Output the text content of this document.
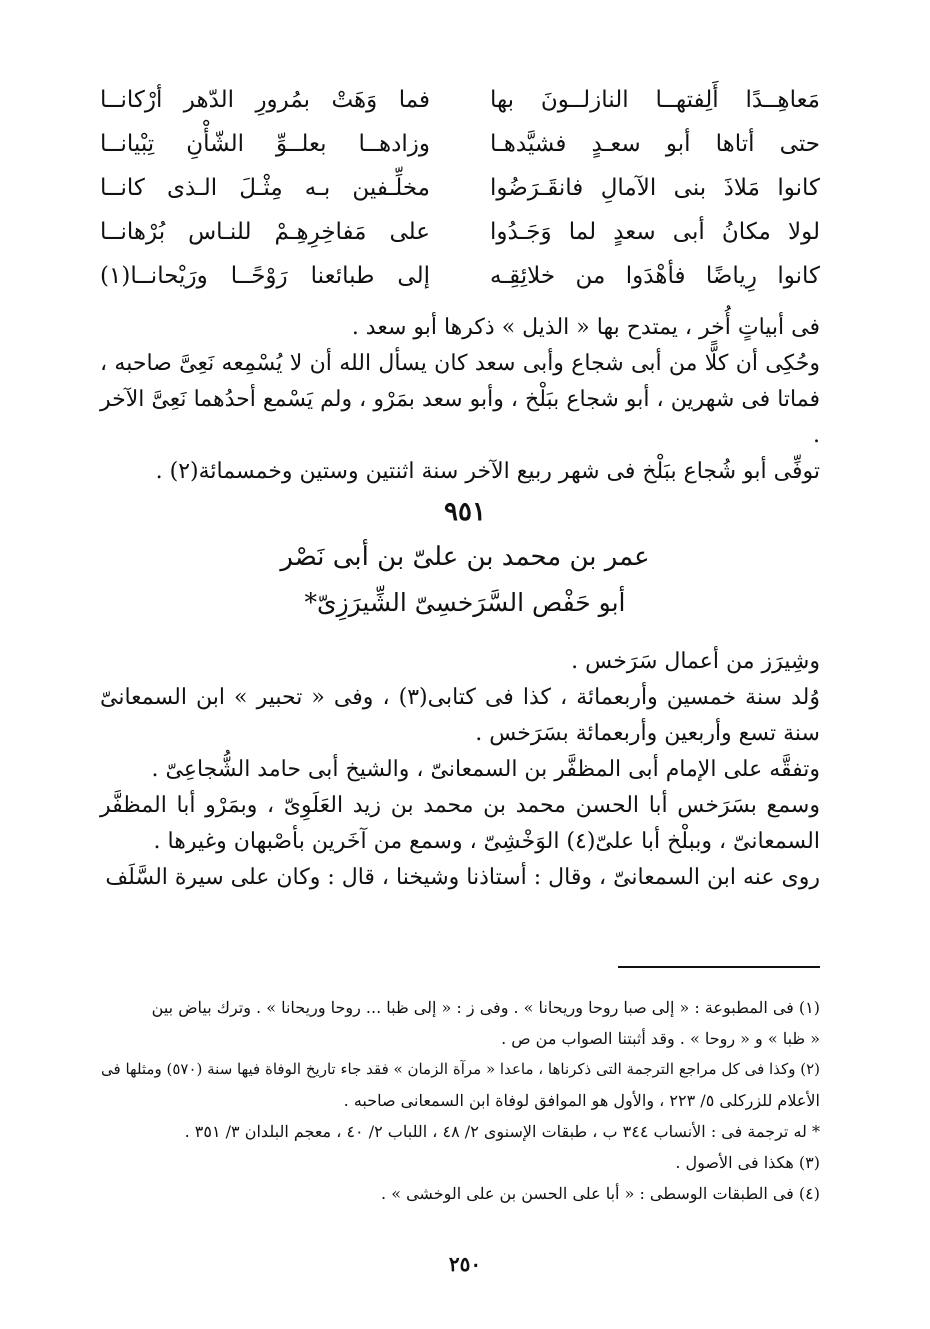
مَعاهِــدًا أَلِفتهــا النازلــونَ بها
فما وَهَتْ بمُرورِ الدّهر أرْكانــا
حتى أتاها أبو سعـدٍ فشيَّدهـا
وزادهــا بعلــوِّ الشّأْنِ تِبْيانــا
كانوا مَلاذَ بنى الآمالِ فانقَـرَضُوا
مخلِّـفين بـه مِثْـلَ الـذى كانــا
لولا مكانُ أبى سعدٍ لما وَجَـدُوا
على مَفاخِرِهِـمْ للنـاس بُرْهانــا
كانوا رِياضًا فأهْدَوا من خلائِقِـه
إلى طبائعنا رَوْحًــا ورَيْحانــا(١)

فى أبياتٍ أُخر ، يمتدح بها « الذيل » ذكرها أبو سعد .

وحُكِى أن كلًّا من أبى شجاع وأبى سعد كان يسأل الله أن لا يُسْمِعه نَعِىَّ صاحبه ، فماتا فى شهرين ، أبو شجاع ببَلْخ ، وأبو سعد بمَرْو ، ولم يَسْمع أحدُهما نَعِىَّ الآخر .

توفِّى أبو شُجاع ببَلْخ فى شهر ربيع الآخر سنة اثنتين وستين وخمسمائة(٢) .

٩٥١
عمر بن محمد بن علىّ بن أبى نَصْر
أبو حَفْص السَّرَخسِىّ الشِّيرَزِىّ*

وشِيرَز من أعمال سَرَخس .

وُلد سنة خمسين وأربعمائة ، كذا فى كتابى(٣) ، وفى « تحبير » ابن السمعانىّ سنة تسع وأربعين وأربعمائة بسَرَخس .

وتفقَّه على الإمام أبى المظفَّر بن السمعانىّ ، والشيخ أبى حامد الشُّجاعِىّ .

وسمع بسَرَخس أبا الحسن محمد بن محمد بن زيد العَلَوِىّ ، وبمَرْو أبا المظفَّر السمعانىّ ، وببلْخ أبا علىّ(٤) الوَخْشِىّ ، وسمع من آخَرين بأصْبهان وغيرها .

روى عنه ابن السمعانىّ ، وقال : أستاذنا وشيخنا ، قال : وكان على سيرة السَّلَف

(١) فى المطبوعة : « إلى صبا روحا وريحانا » . وفى ز : « إلى ظبا ... روحا وريحانا » . وترك بياض بين

« ظبا » و « روحا » . وقد أثبتنا الصواب من ص .

(٢) وكذا فى كل مراجع الترجمة التى ذكرناها ، ماعدا « مرآة الزمان » فقد جاء تاريخ الوفاة فيها سنة (٥٧٠) ومثلها فى

الأعلام للزركلى ٥/ ٢٢٣ ، والأول هو الموافق لوفاة ابن السمعانى صاحبه .

* له ترجمة فى : الأنساب ٣٤٤ ب ، طبقات الإسنوى ٢/ ٤٨ ، اللباب ٢/ ٤٠ ، معجم البلدان ٣/ ٣٥١ .

(٣) هكذا فى الأصول .

(٤) فى الطبقات الوسطى : « أبا على الحسن بن على الوخشى » .

٢٥٠
